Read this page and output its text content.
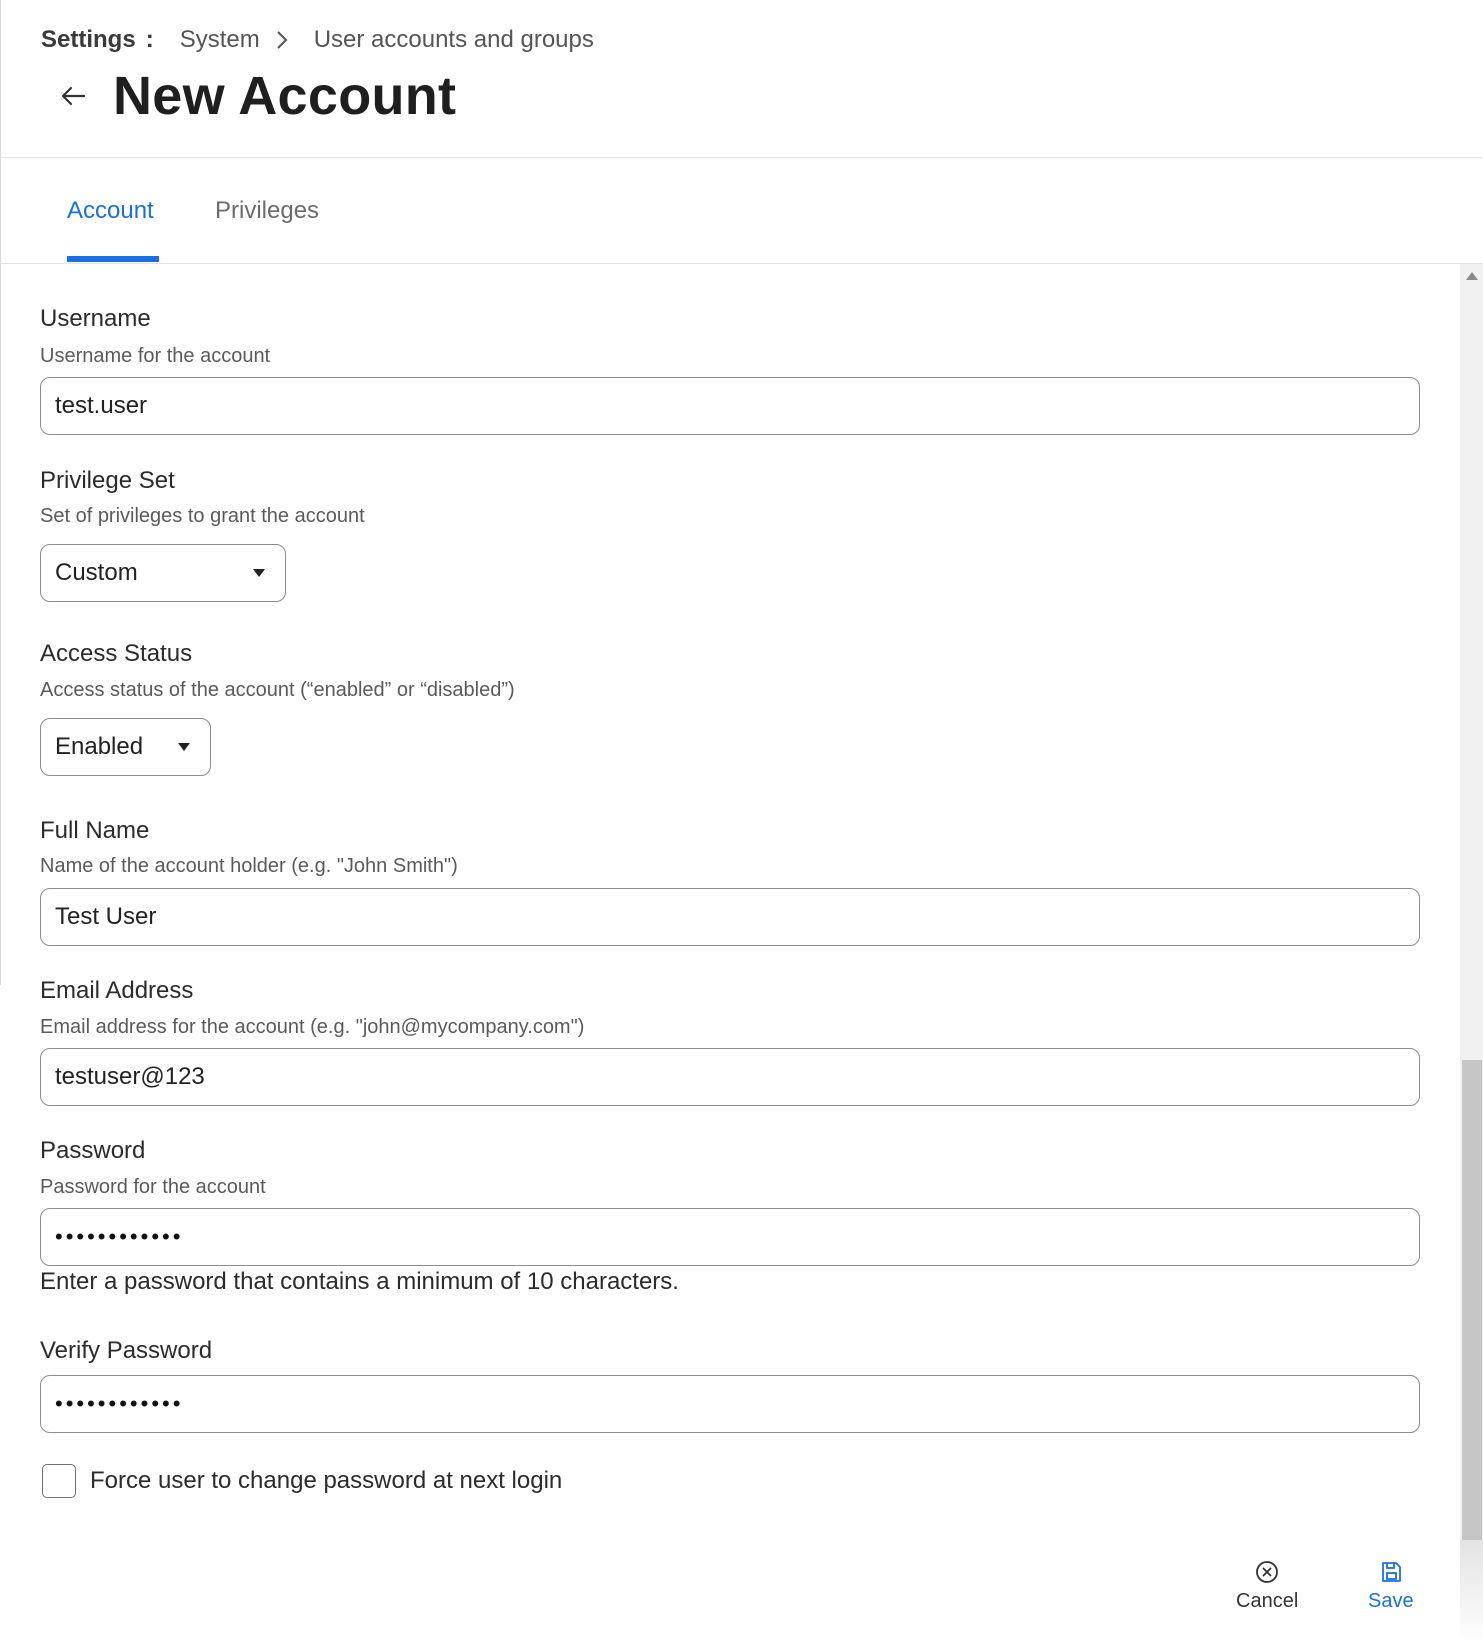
Settings : System User accounts and groups
New Account
Account	Privileges
Username
Username for the account
test.user
Privilege Set
Set of privileges to grant the account
Custom
Access Status
Access status of the account (“enabled” or “disabled”)
Enabled
Full Name
Name of the account holder (e.g. "John Smith")
Test User
Email Address
Email address for the account (e.g. "john@mycompany.com")
testuser@123
Password
Password for the account
••••••••••••
Enter a password that contains a minimum of 10 characters.
Verify Password
••••••••••••
Force user to change password at next login
Cancel	Save
